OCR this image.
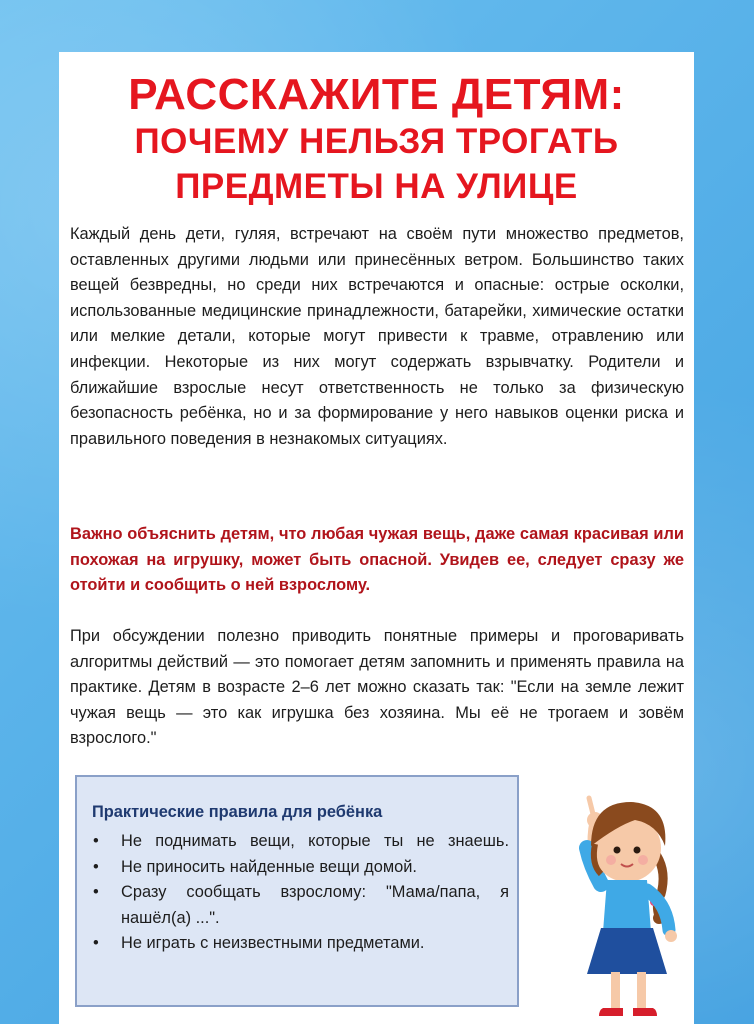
РАССКАЖИТЕ ДЕТЯМ:
ПОЧЕМУ НЕЛЬЗЯ ТРОГАТЬ
ПРЕДМЕТЫ НА УЛИЦЕ

Каждый день дети, гуляя, встречают на своём пути множество предметов, оставленных другими людьми или принесённых ветром. Большинство таких вещей безвредны, но среди них встречаются и опасные: острые осколки, использованные медицинские принадлежности, батарейки, химические остатки или мелкие детали, которые могут привести к травме, отравлению или инфекции. Некоторые из них могут содержать взрывчатку. Родители и ближайшие взрослые несут ответственность не только за физическую безопасность ребёнка, но и за формирование у него навыков оценки риска и правильного поведения в незнакомых ситуациях.

Важно объяснить детям, что любая чужая вещь, даже самая красивая или похожая на игрушку, может быть опасной. Увидев ее, следует сразу же отойти и сообщить о ней взрослому.

При обсуждении полезно приводить понятные примеры и проговаривать алгоритмы действий — это помогает детям запомнить и применять правила на практике. Детям в возрасте 2–6 лет можно сказать так: "Если на земле лежит чужая вещь — это как игрушка без хозяина. Мы её не трогаем и зовём взрослого."

Практические правила для ребёнка
• Не поднимать вещи, которые ты не знаешь.
• Не приносить найденные вещи домой.
• Сразу сообщать взрослому: "Мама/папа, я нашёл(а) ...".
• Не играть с неизвестными предметами.
